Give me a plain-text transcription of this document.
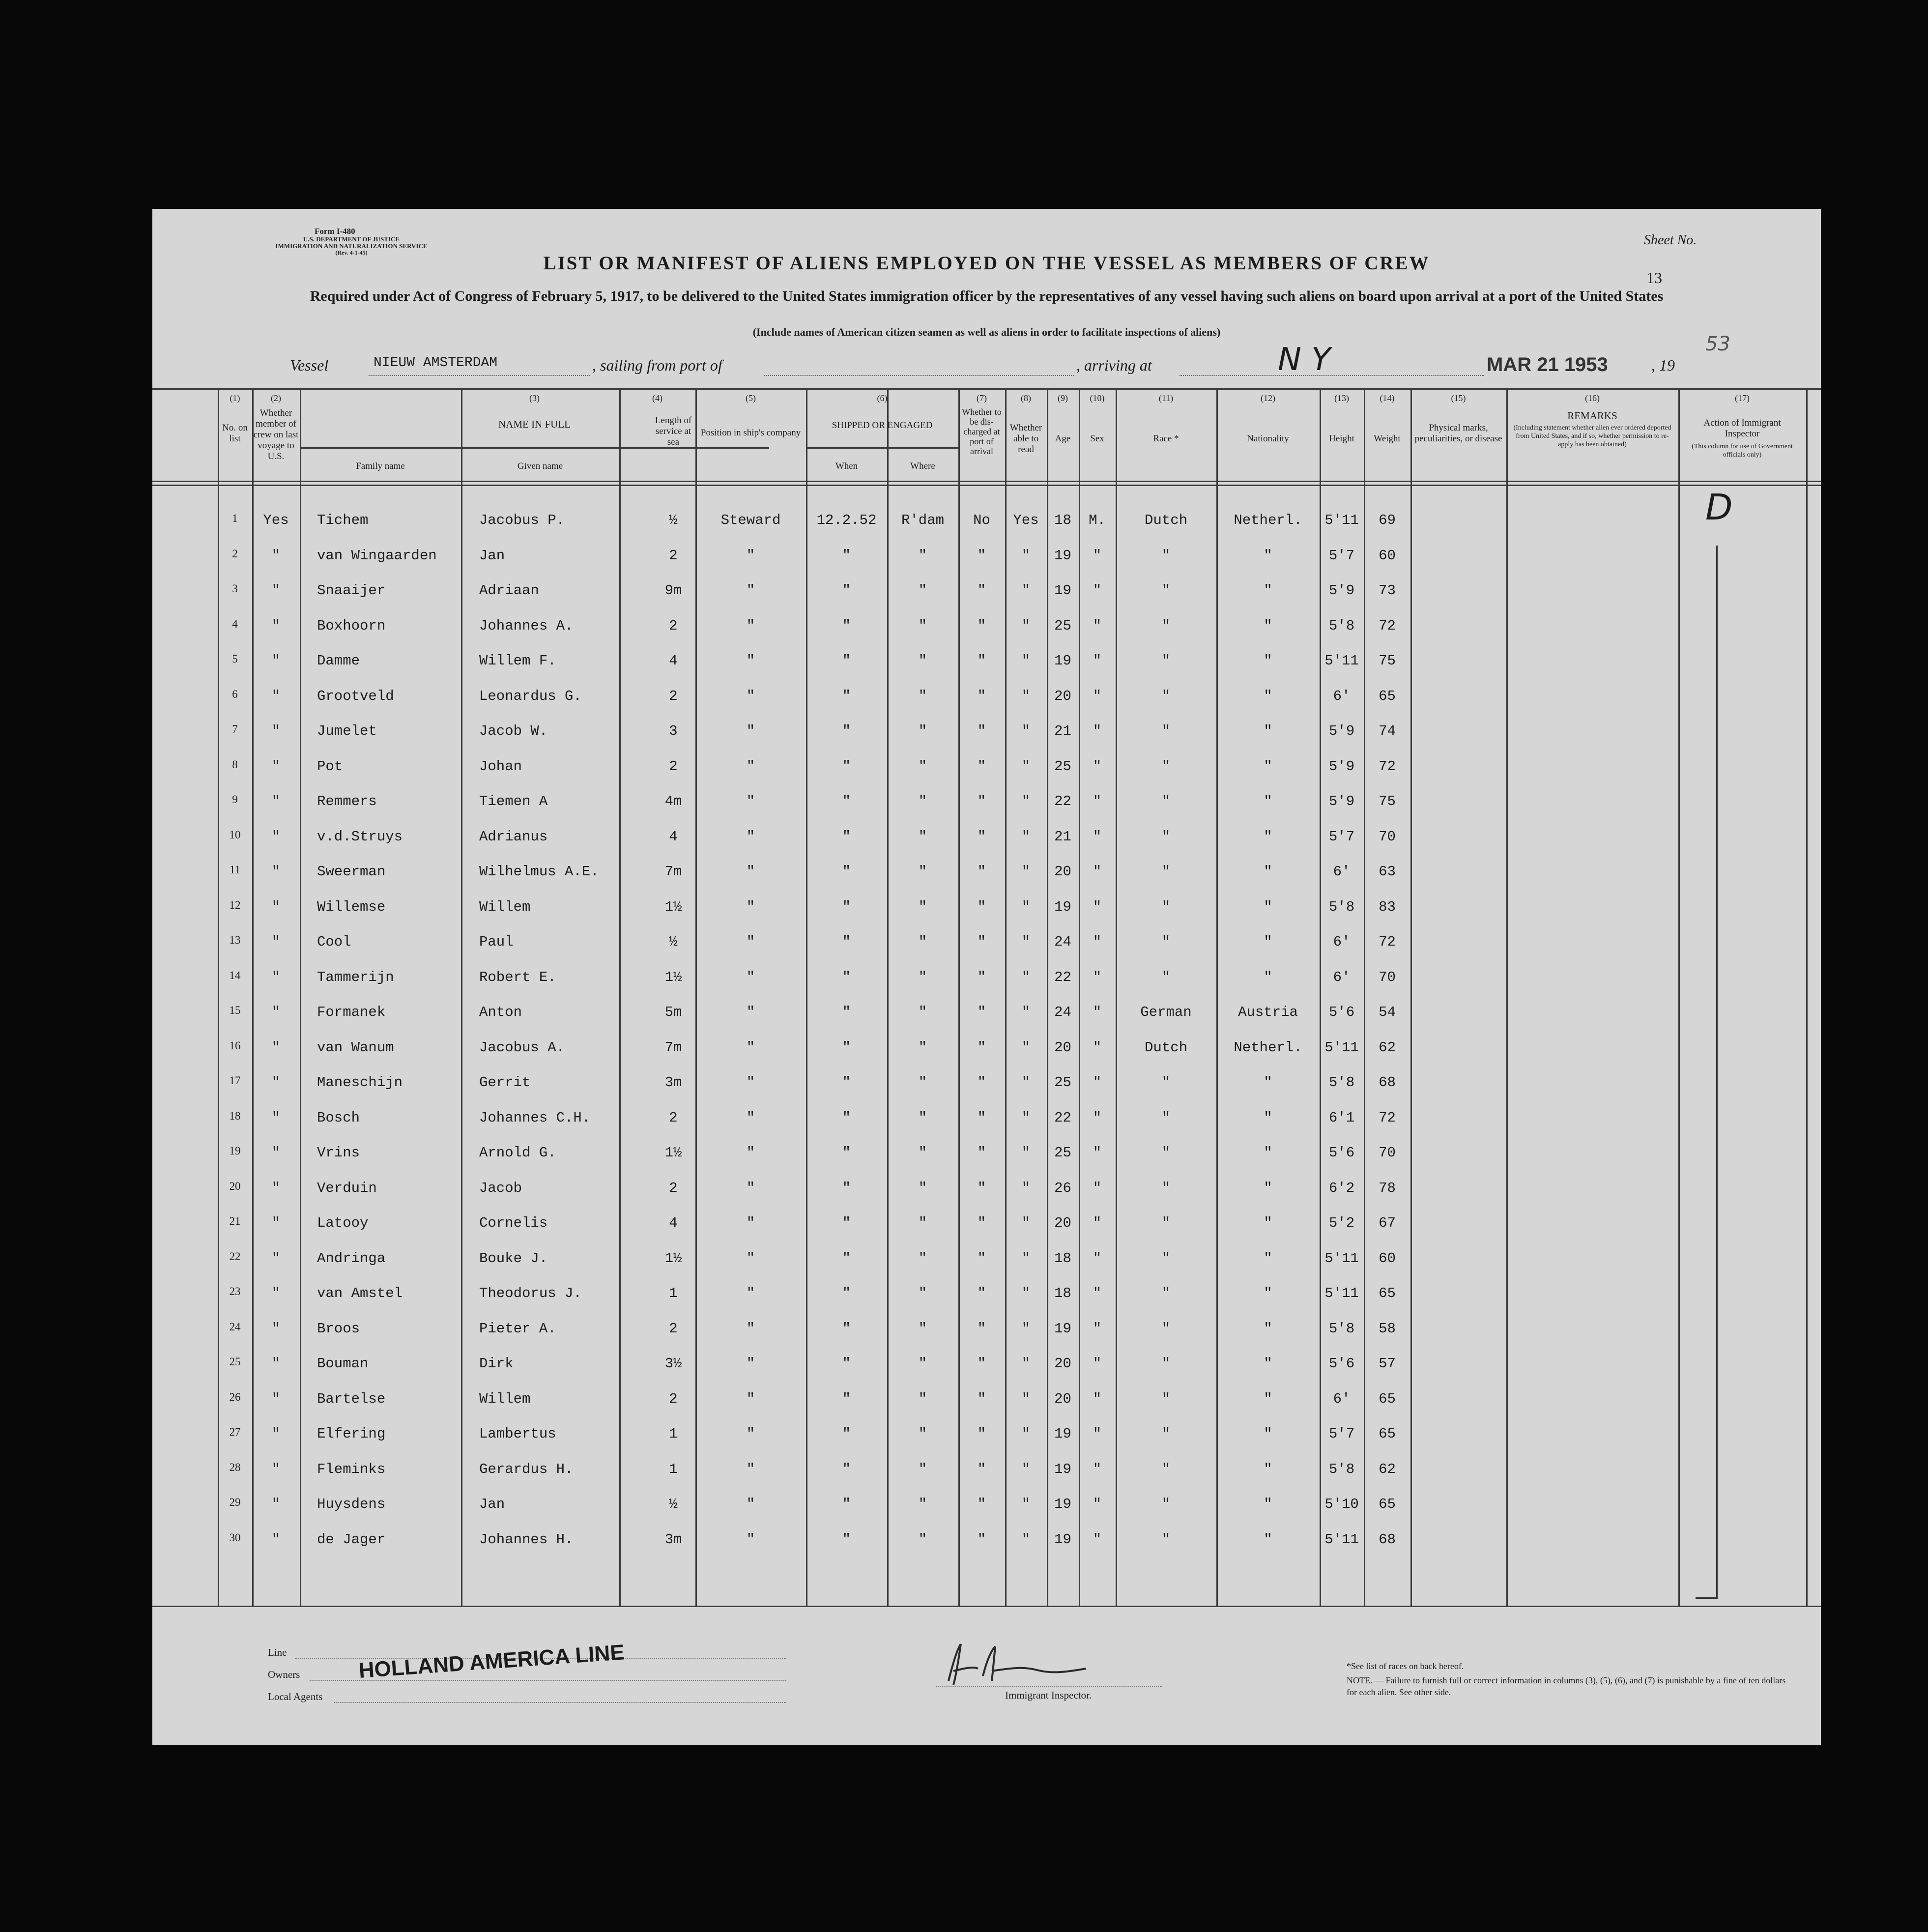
Form I-480
U.S. DEPARTMENT OF JUSTICE
IMMIGRATION AND NATURALIZATION SERVICE
(Rev. 4-1-45)
Sheet No.
13
LIST OR MANIFEST OF ALIENS EMPLOYED ON THE VESSEL AS MEMBERS OF CREW
Required under Act of Congress of February 5, 1917, to be delivered to the United States immigration officer by the representatives of any vessel having such aliens on board upon arrival at a port of the United States
(Include names of American citizen seamen as well as aliens in order to facilitate inspections of aliens)
Vessel	NIEUW AMSTERDAM	, sailing from port of	, arriving at	N Y	MAR 21 1953	, 19
53
(1)
No. on list
(2)
Whether member of crew on last voyage to U.S.
(3)
NAME IN FULL
Family name	Given name
(4)
Length of service at sea
(5)
Position in ship's company
(6)
SHIPPED OR ENGAGED
When	Where
(7)
Whether to be dis-charged at port of arrival
(8)
Whether able to read
(9)
Age
(10)
Sex
(11)
Race *
(12)
Nationality
(13)
Height
(14)
Weight
(15)
Physical marks, peculiarities, or disease
(16)
REMARKS
(Including statement whether alien ever ordered deported from United States, and if so, whether permission to re-apply has been obtained)
(17)
Action of Immigrant Inspector
(This column for use of Government officials only)
1	Yes	Tichem	Jacobus P.	½	Steward	12.2.52	R'dam	No	Yes	18	M.	Dutch	Netherl.	5'11	69
2	"	van Wingaarden	Jan	2	"	"	"	"	"	19	"	"	"	5'7	60
3	"	Snaaijer	Adriaan	9m	"	"	"	"	"	19	"	"	"	5'9	73
4	"	Boxhoorn	Johannes A.	2	"	"	"	"	"	25	"	"	"	5'8	72
5	"	Damme	Willem F.	4	"	"	"	"	"	19	"	"	"	5'11	75
6	"	Grootveld	Leonardus G.	2	"	"	"	"	"	20	"	"	"	6'	65
7	"	Jumelet	Jacob W.	3	"	"	"	"	"	21	"	"	"	5'9	74
8	"	Pot	Johan	2	"	"	"	"	"	25	"	"	"	5'9	72
9	"	Remmers	Tiemen A	4m	"	"	"	"	"	22	"	"	"	5'9	75
10	"	v.d.Struys	Adrianus	4	"	"	"	"	"	21	"	"	"	5'7	70
11	"	Sweerman	Wilhelmus A.E.	7m	"	"	"	"	"	20	"	"	"	6'	63
12	"	Willemse	Willem	1½	"	"	"	"	"	19	"	"	"	5'8	83
13	"	Cool	Paul	½	"	"	"	"	"	24	"	"	"	6'	72
14	"	Tammerijn	Robert E.	1½	"	"	"	"	"	22	"	"	"	6'	70
15	"	Formanek	Anton	5m	"	"	"	"	"	24	"	German	Austria	5'6	54
16	"	van Wanum	Jacobus A.	7m	"	"	"	"	"	20	"	Dutch	Netherl.	5'11	62
17	"	Maneschijn	Gerrit	3m	"	"	"	"	"	25	"	"	"	5'8	68
18	"	Bosch	Johannes C.H.	2	"	"	"	"	"	22	"	"	"	6'1	72
19	"	Vrins	Arnold G.	1½	"	"	"	"	"	25	"	"	"	5'6	70
20	"	Verduin	Jacob	2	"	"	"	"	"	26	"	"	"	6'2	78
21	"	Latooy	Cornelis	4	"	"	"	"	"	20	"	"	"	5'2	67
22	"	Andringa	Bouke J.	1½	"	"	"	"	"	18	"	"	"	5'11	60
23	"	van Amstel	Theodorus J.	1	"	"	"	"	"	18	"	"	"	5'11	65
24	"	Broos	Pieter A.	2	"	"	"	"	"	19	"	"	"	5'8	58
25	"	Bouman	Dirk	3½	"	"	"	"	"	20	"	"	"	5'6	57
26	"	Bartelse	Willem	2	"	"	"	"	"	20	"	"	"	6'	65
27	"	Elfering	Lambertus	1	"	"	"	"	"	19	"	"	"	5'7	65
28	"	Fleminks	Gerardus H.	1	"	"	"	"	"	19	"	"	"	5'8	62
29	"	Huysdens	Jan	½	"	"	"	"	"	19	"	"	"	5'10	65
30	"	de Jager	Johannes H.	3m	"	"	"	"	"	19	"	"	"	5'11	68
D
Line
Owners
Local Agents
HOLLAND AMERICA LINE
Immigrant Inspector.
*See list of races on back hereof.
NOTE. — Failure to furnish full or correct information in columns (3), (5), (6), and (7) is punishable by a fine of ten dollars for each alien. See other side.
